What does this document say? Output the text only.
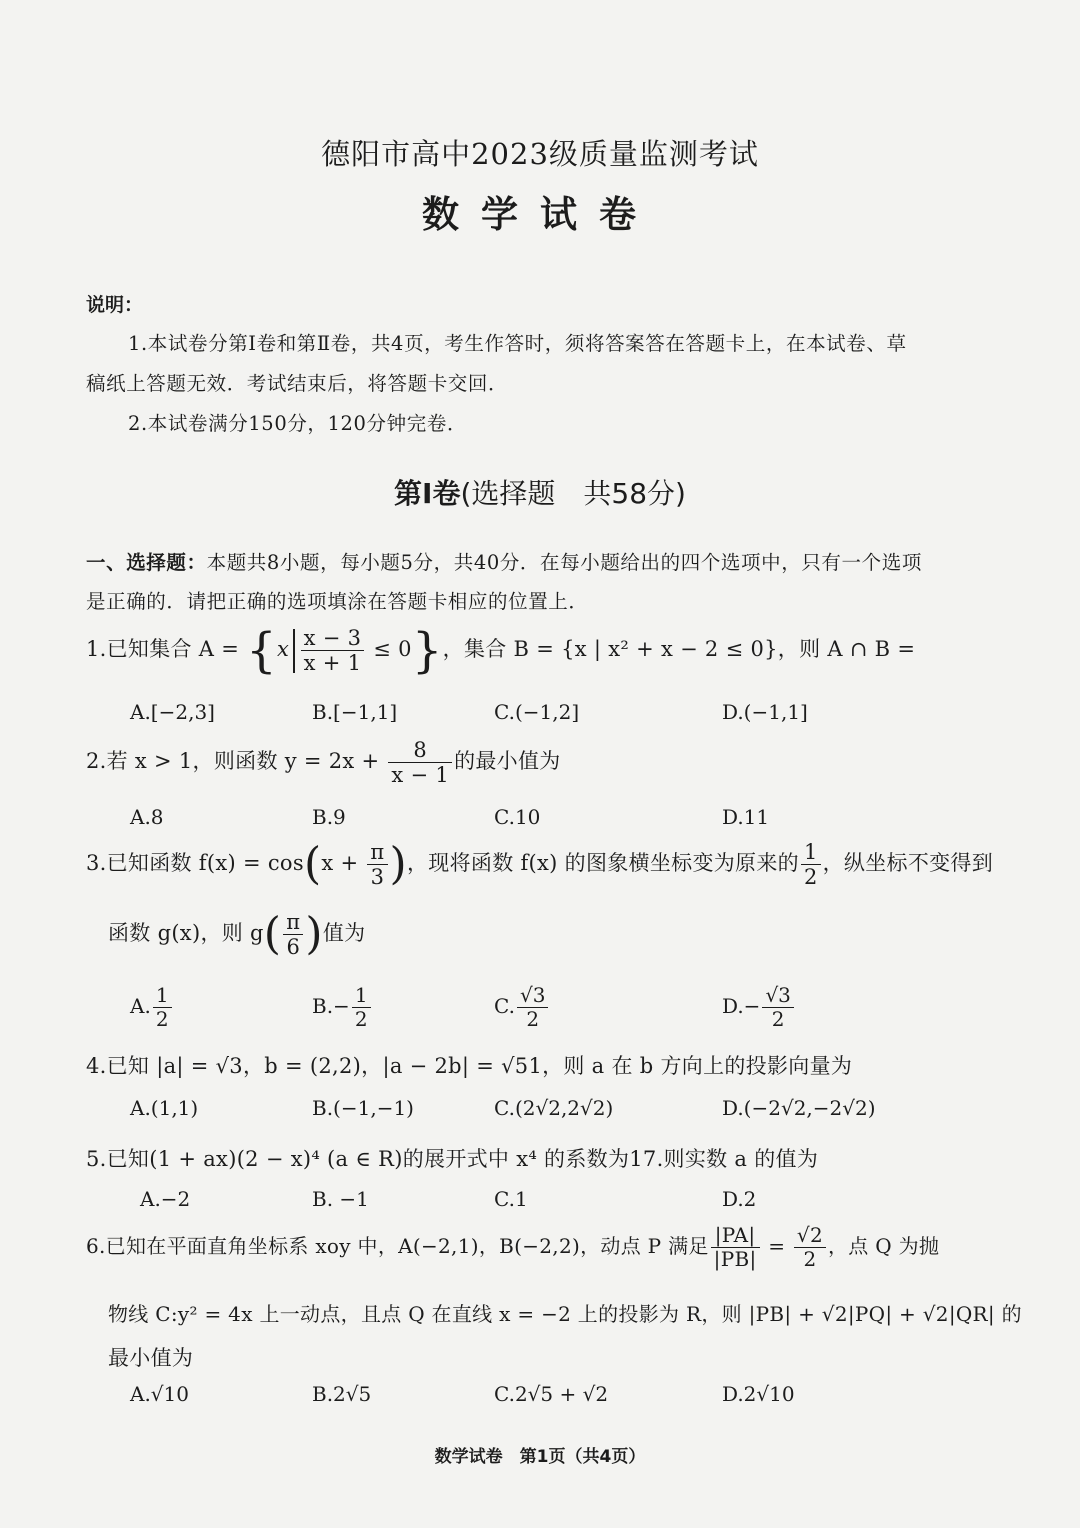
德阳市高中2023级质量监测考试
数学试卷
说明：
1.本试卷分第Ⅰ卷和第Ⅱ卷，共4页，考生作答时，须将答案答在答题卡上，在本试卷、草
稿纸上答题无效．考试结束后，将答题卡交回．
2.本试卷满分150分，120分钟完卷．
第Ⅰ卷(选择题　共58分)
一、选择题：本题共8小题，每小题5分，共40分．在每小题给出的四个选项中，只有一个选项
是正确的．请把正确的选项填涂在答题卡相应的位置上．
1.已知集合 $A = \{x \frac{x - 3}{x + 1} \le 0\}$，集合 B = {x | x² + x − 2 ≤ 0}，则 A ∩ B =
A.[−2,3]	B.[−1,1]	C.(−1,2]	D.(−1,1]
2.若 x > 1，则函数 $y = 2x + \frac{8}{x - 1}$ 的最小值为
A.8	B.9	C.10	D.11
3.已知函数 $f(x) = \cos(x + \frac{\pi}{3}$ )，现将函数 f(x) 的图象横坐标变为原来的 $\frac{1}{2}$ ，纵坐标不变得到
函数 g(x)，则 $g( \frac{\pi}{6}$ )值为
A. $\frac{1}{2}$	$B.- \frac{1}{2}$	C. $\frac{√3}{2}$	$D.- \frac{√3}{2}$
4.已知 |a| = √3，b = (2,2)，|a − 2b| = √51，则 a 在 b 方向上的投影向量为
A.(1,1)	B.(−1,−1)	C.(2√2,2√2)	D.(−2√2,−2√2)
5.已知(1 + ax)(2 − x)⁴ (a ∈ R)的展开式中 x⁴ 的系数为17.则实数 a 的值为
A.−2	B. −1	C.1	D.2
6.已知在平面直角坐标系 xoy 中，A(−2,1)，B(−2,2)，动点 P 满足 $\frac{|PA|}{|PB|} = \frac{√2}{2}$ ，点 Q 为抛
物线 C:y² = 4x 上一动点，且点 Q 在直线 x = −2 上的投影为 R，则 |PB| + √2|PQ| + √2|QR| 的
最小值为
A.√10	B.2√5	C.2√5 + √2	D.2√10
数学试卷　第1页（共4页）
